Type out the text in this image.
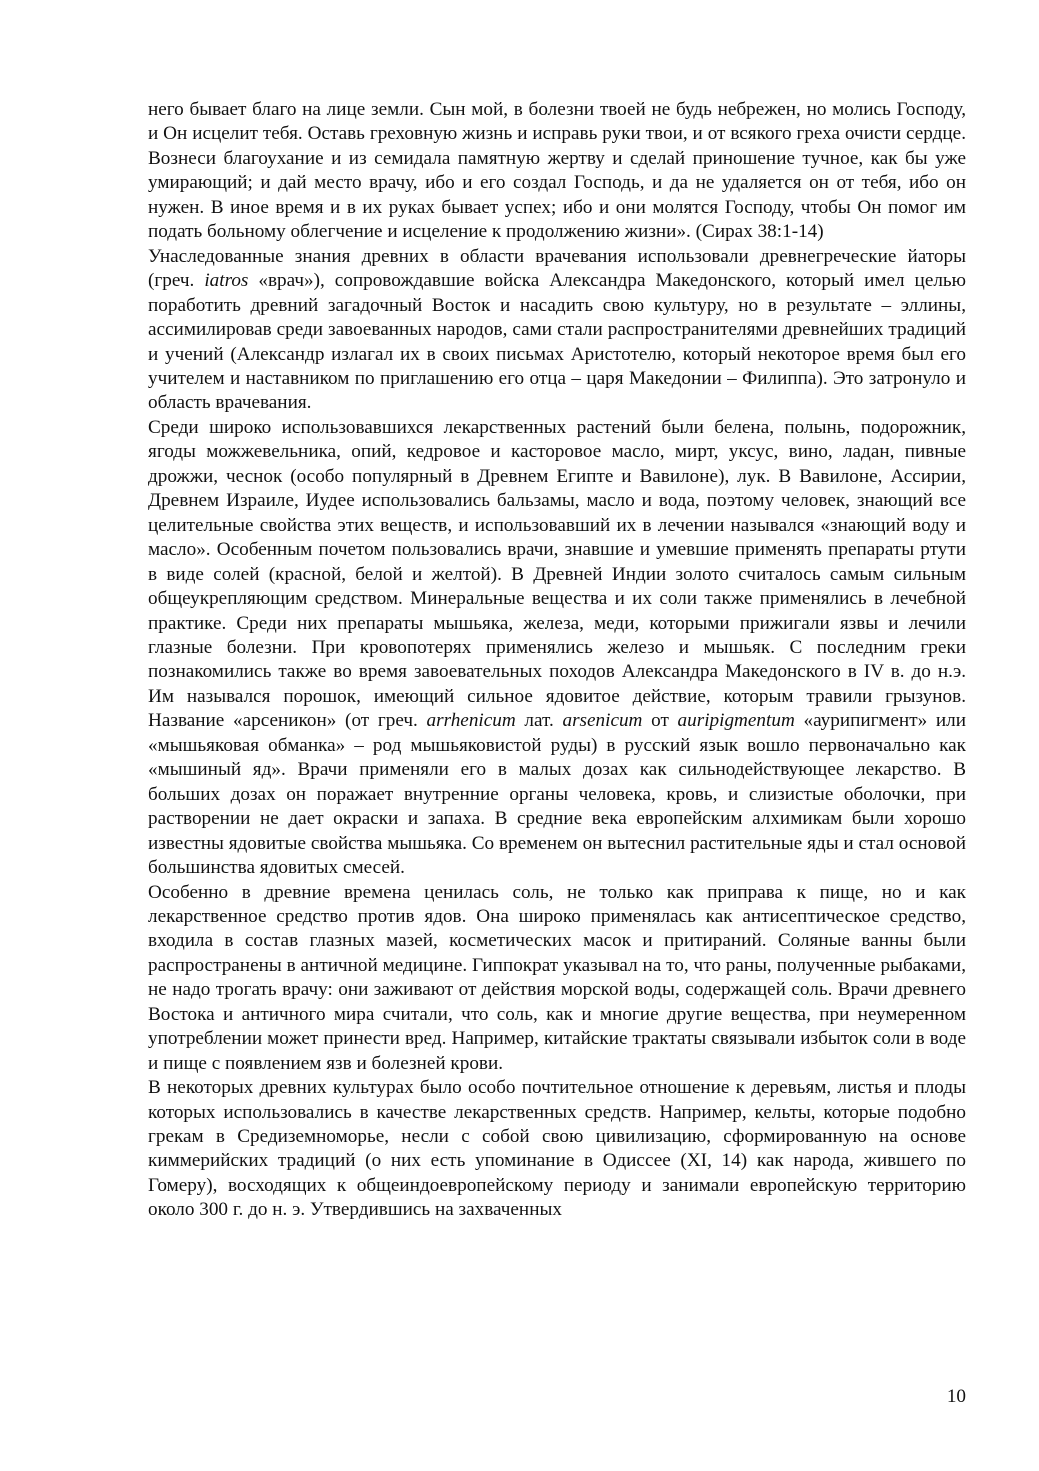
него бывает благо на лице земли. Сын мой, в болезни твоей не будь небрежен, но молись Господу, и Он исцелит тебя. Оставь греховную жизнь и исправь руки твои, и от всякого греха очисти сердце. Вознеси благоухание и из семидала памятную жертву и сделай приношение тучное, как бы уже умирающий; и дай место врачу, ибо и его создал Господь, и да не удаляется он от тебя, ибо он нужен. В иное время и в их руках бывает успех; ибо и они молятся Господу, чтобы Он помог им подать больному облегчение и исцеление к продолжению жизни». (Сирах 38:1-14)

Унаследованные знания древних в области врачевания использовали древнегреческие йаторы (греч. iatros «врач»), сопровождавшие войска Александра Македонского, который имел целью поработить древний загадочный Восток и насадить свою культуру, но в результате – эллины, ассимилировав среди завоеванных народов, сами стали распространителями древнейших традиций и учений (Александр излагал их в своих письмах Аристотелю, который некоторое время был его учителем и наставником по приглашению его отца – царя Македонии – Филиппа). Это затронуло и область врачевания.

Среди широко использовавшихся лекарственных растений были белена, полынь, подорожник, ягоды можжевельника, опий, кедровое и касторовое масло, мирт, уксус, вино, ладан, пивные дрожжи, чеснок (особо популярный в Древнем Египте и Вавилоне), лук. В Вавилоне, Ассирии, Древнем Израиле, Иудее использовались бальзамы, масло и вода, поэтому человек, знающий все целительные свойства этих веществ, и использовавший их в лечении назывался «знающий воду и масло». Особенным почетом пользовались врачи, знавшие и умевшие применять препараты ртути в виде солей (красной, белой и желтой). В Древней Индии золото считалось самым сильным общеукрепляющим средством. Минеральные вещества и их соли также применялись в лечебной практике. Среди них препараты мышьяка, железа, меди, которыми прижигали язвы и лечили глазные болезни. При кровопотерях применялись железо и мышьяк. С последним греки познакомились также во время завоевательных походов Александра Македонского в IV в. до н.э. Им назывался порошок, имеющий сильное ядовитое действие, которым травили грызунов. Название «арсеникон» (от греч. arrhenicum лат. arsenicum от auripigmentum «аурипигмент» или «мышьяковая обманка» – род мышьяковистой руды) в русский язык вошло первоначально как «мышиный яд». Врачи применяли его в малых дозах как сильнодействующее лекарство. В больших дозах он поражает внутренние органы человека, кровь, и слизистые оболочки, при растворении не дает окраски и запаха. В средние века европейским алхимикам были хорошо известны ядовитые свойства мышьяка. Со временем он вытеснил растительные яды и стал основой большинства ядовитых смесей.

Особенно в древние времена ценилась соль, не только как приправа к пище, но и как лекарственное средство против ядов. Она широко применялась как антисептическое средство, входила в состав глазных мазей, косметических масок и притираний. Соляные ванны были распространены в античной медицине. Гиппократ указывал на то, что раны, полученные рыбаками, не надо трогать врачу: они заживают от действия морской воды, содержащей соль. Врачи древнего Востока и античного мира считали, что соль, как и многие другие вещества, при неумеренном употреблении может принести вред. Например, китайские трактаты связывали избыток соли в воде и пище с появлением язв и болезней крови.

В некоторых древних культурах было особо почтительное отношение к деревьям, листья и плоды которых использовались в качестве лекарственных средств. Например, кельты, которые подобно грекам в Средиземноморье, несли с собой свою цивилизацию, сформированную на основе киммерийских традиций (о них есть упоминание в Одиссее (XI, 14) как народа, жившего по Гомеру), восходящих к общеиндоевропейскому периоду и занимали европейскую территорию около 300 г. до н. э. Утвердившись на захваченных

10
